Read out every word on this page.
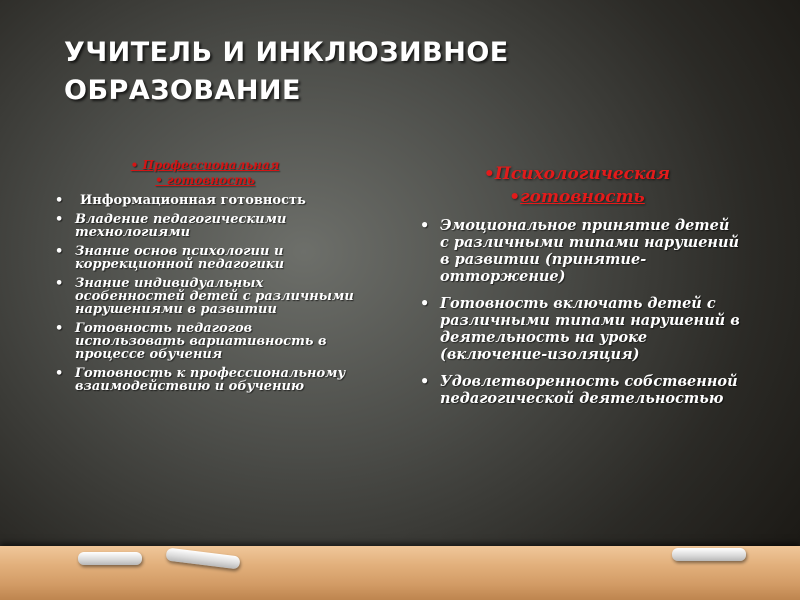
УЧИТЕЛЬ И ИНКЛЮЗИВНОЕ ОБРАЗОВАНИЕ
• Профессиональная
• готовность
• Информационная готовность
• Владение педагогическими технологиями
• Знание основ психологии и коррекционной педагогики
• Знание индивидуальных особенностей детей с различными нарушениями в развитии
• Готовность педагогов использовать вариативность в процессе обучения
• Готовность к профессиональному взаимодействию и обучению
•Психологическая
•готовность
• Эмоциональное принятие детей с различными типами нарушений в развитии (принятие-отторжение)
• Готовность включать детей с различными типами нарушений в деятельность на уроке (включение-изоляция)
• Удовлетворенность собственной педагогической деятельностью
